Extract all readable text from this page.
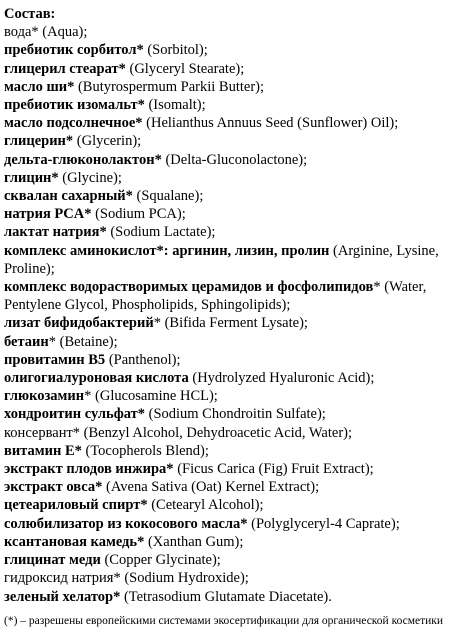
Состав:
вода* (Aqua);
пребиотик сорбитол* (Sorbitol);
глицерил стеарат* (Glyceryl Stearate);
масло ши* (Butyrospermum Parkii Butter);
пребиотик изомальт* (Isomalt);
масло подсолнечное* (Helianthus Annuus Seed (Sunflower) Oil);
глицерин* (Glycerin);
дельта-глюконолактон* (Delta-Gluconolactone);
глицин* (Glycine);
сквалан сахарный* (Squalane);
натрия PCA* (Sodium PCA);
лактат натрия* (Sodium Lactate);
комплекс аминокислот*: аргинин, лизин, пролин (Arginine, Lysine, Proline);
комплекс водорастворимых церамидов и фосфолипидов* (Water, Pentylene Glycol, Phospholipids, Sphingolipids);
лизат бифидобактерий* (Bifida Ferment Lysate);
бетаин* (Betaine);
провитамин B5 (Panthenol);
олигогиалуроновая кислота (Hydrolyzed Hyaluronic Acid);
глюкозамин* (Glucosamine HCL);
хондроитин сульфат* (Sodium Chondroitin Sulfate);
консервант* (Benzyl Alcohol, Dehydroacetic Acid, Water);
витамин Е* (Tocopherols Blend);
экстракт плодов инжира* (Ficus Carica (Fig) Fruit Extract);
экстракт овса* (Avena Sativa (Oat) Kernel Extract);
цетеариловый спирт* (Cetearyl Alcohol);
солюбилизатор из кокосового масла* (Polyglyceryl-4 Caprate);
ксантановая камедь* (Xanthan Gum);
глицинат меди (Copper Glycinate);
гидроксид натрия* (Sodium Hydroxide);
зеленый хелатор* (Tetrasodium Glutamate Diacetate).
(*) – разрешены европейскими системами экосертификации для органической косметики
